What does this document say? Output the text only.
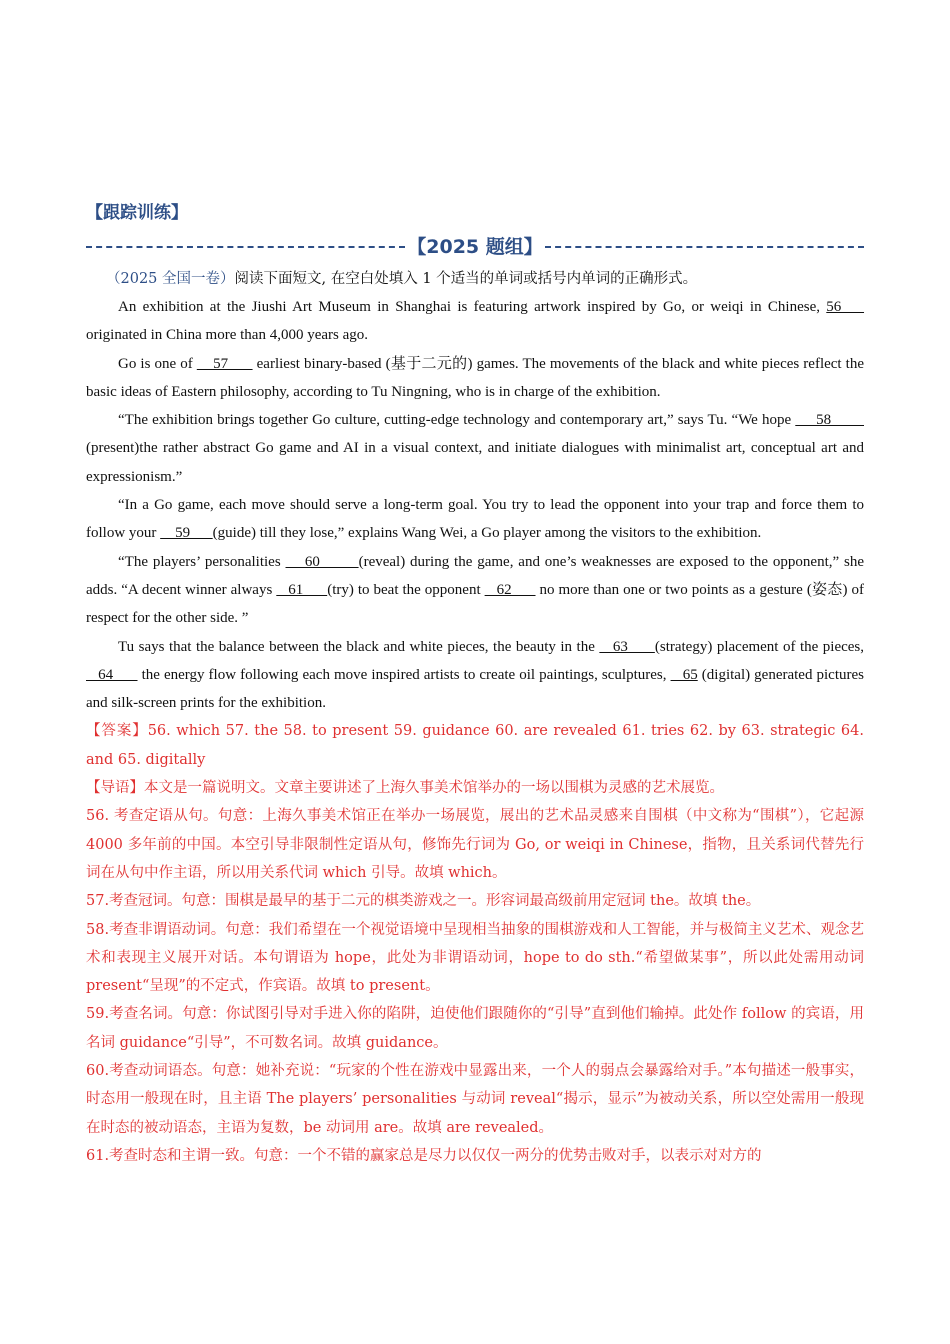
【跟踪训练】
【2025 题组】
（2025 全国一卷）阅读下面短文, 在空白处填入 1 个适当的单词或括号内单词的正确形式。

An exhibition at the Jiushi Art Museum in Shanghai is featuring artwork inspired by Go, or weiqi in Chinese, 56     originated in China more than 4,000 years ago.

Go is one of     57       earliest binary-based (基于二元的) games. The movements of the black and white pieces reflect the basic ideas of Eastern philosophy, according to Tu Ningning, who is in charge of the exhibition.

“The exhibition brings together Go culture, cutting-edge technology and contemporary art,” says Tu. “We hope      58         (present)the rather abstract Go game and AI in a visual context, and initiate dialogues with minimalist art, conceptual art and expressionism.”

“In a Go game, each move should serve a long-term goal. You try to lead the opponent into your trap and force them to follow your     59      (guide) till they lose,” explains Wang Wei, a Go player among the visitors to the exhibition.

“The players’ personalities     60        (reveal) during the game, and one’s weaknesses are exposed to the opponent,” she adds. “A decent winner always    61      (try) to beat the opponent    62       no more than one or two points as a gesture (姿态) of respect for the other side. ”

Tu says that the balance between the black and white pieces, the beauty in the    63      (strategy) placement of the pieces,    64       the energy flow following each move inspired artists to create oil paintings, sculptures,    65 (digital) generated pictures and silk-screen prints for the exhibition.

【答案】56. which 57. the 58. to present 59. guidance 60. are revealed 61. tries 62. by 63. strategic 64. and 65. digitally

【导语】本文是一篇说明文。文章主要讲述了上海久事美术馆举办的一场以围棋为灵感的艺术展览。

56. 考查定语从句。句意：上海久事美术馆正在举办一场展览，展出的艺术品灵感来自围棋（中文称为“围棋”），它起源 4000 多年前的中国。本空引导非限制性定语从句，修饰先行词为 Go, or weiqi in Chinese，指物，且关系词代替先行词在从句中作主语，所以用关系代词 which 引导。故填 which。

57.考查冠词。句意：围棋是最早的基于二元的棋类游戏之一。形容词最高级前用定冠词 the。故填 the。

58.考查非谓语动词。句意：我们希望在一个视觉语境中呈现相当抽象的围棋游戏和人工智能，并与极简主义艺术、观念艺术和表现主义展开对话。本句谓语为 hope，此处为非谓语动词，hope to do sth.“希望做某事”，所以此处需用动词 present“呈现”的不定式，作宾语。故填 to present。

59.考查名词。句意：你试图引导对手进入你的陷阱，迫使他们跟随你的“引导”直到他们输掉。此处作 follow 的宾语，用名词 guidance“引导”，不可数名词。故填 guidance。

60.考查动词语态。句意：她补充说：“玩家的个性在游戏中显露出来，一个人的弱点会暴露给对手。”本句描述一般事实，时态用一般现在时，且主语 The players’ personalities 与动词 reveal“揭示，显示”为被动关系，所以空处需用一般现在时态的被动语态，主语为复数，be 动词用 are。故填 are revealed。

61.考查时态和主谓一致。句意：一个不错的赢家总是尽力以仅仅一两分的优势击败对手，以表示对对方的
